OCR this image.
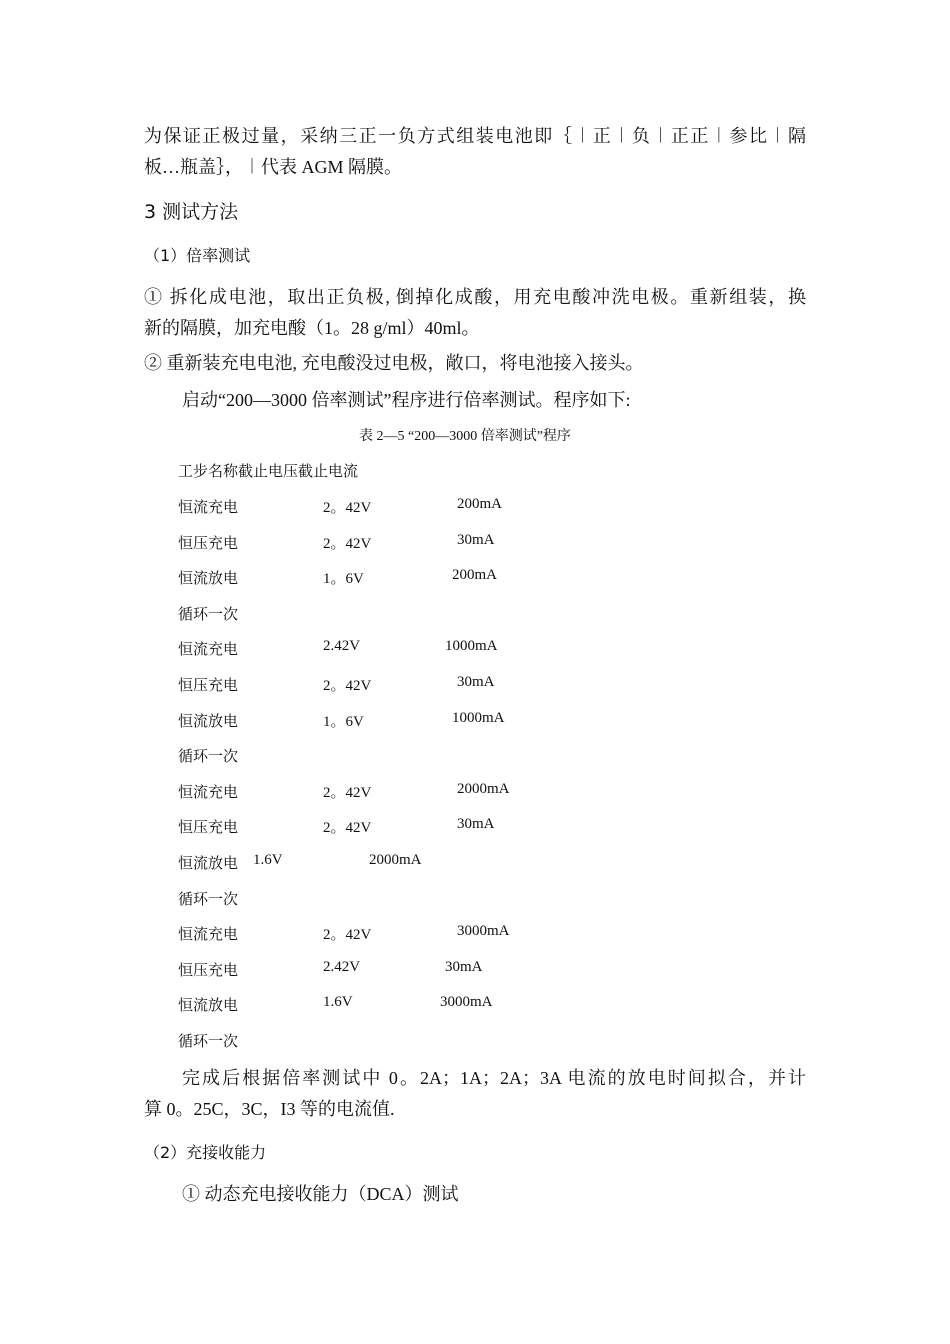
为保证正极过量，采纳三正一负方式组装电池即｛︱正︱负︱正正︱参比︱隔
板…瓶盖｝，︱代表 AGM 隔膜。
3 测试方法
（1）倍率测试
① 拆化成电池，取出正负极, 倒掉化成酸，用充电酸冲洗电极。重新组装，换
新的隔膜，加充电酸（1。28 g/ml）40ml。
② 重新装充电电池, 充电酸没过电极，敞口，将电池接入接头。
启动“200—3000 倍率测试”程序进行倍率测试。程序如下:
表 2—5 “200—3000 倍率测试”程序
工步名称截止电压截止电流
恒流充电	2。42V	200mA
恒压充电	2。42V	30mA
恒流放电	1。6V	200mA
循环一次
恒流充电	2.42V	1000mA
恒压充电	2。42V	30mA
恒流放电	1。6V	1000mA
循环一次
恒流充电	2。42V	2000mA
恒压充电	2。42V	30mA
恒流放电 1.6V	2000mA
循环一次
恒流充电	2。42V	3000mA
恒压充电	2.42V	30mA
恒流放电	1.6V	3000mA
循环一次
完成后根据倍率测试中 0。2A；1A；2A；3A 电流的放电时间拟合，并计
算 0。25C，3C，I3 等的电流值.
（2）充接收能力
① 动态充电接收能力（DCA）测试
